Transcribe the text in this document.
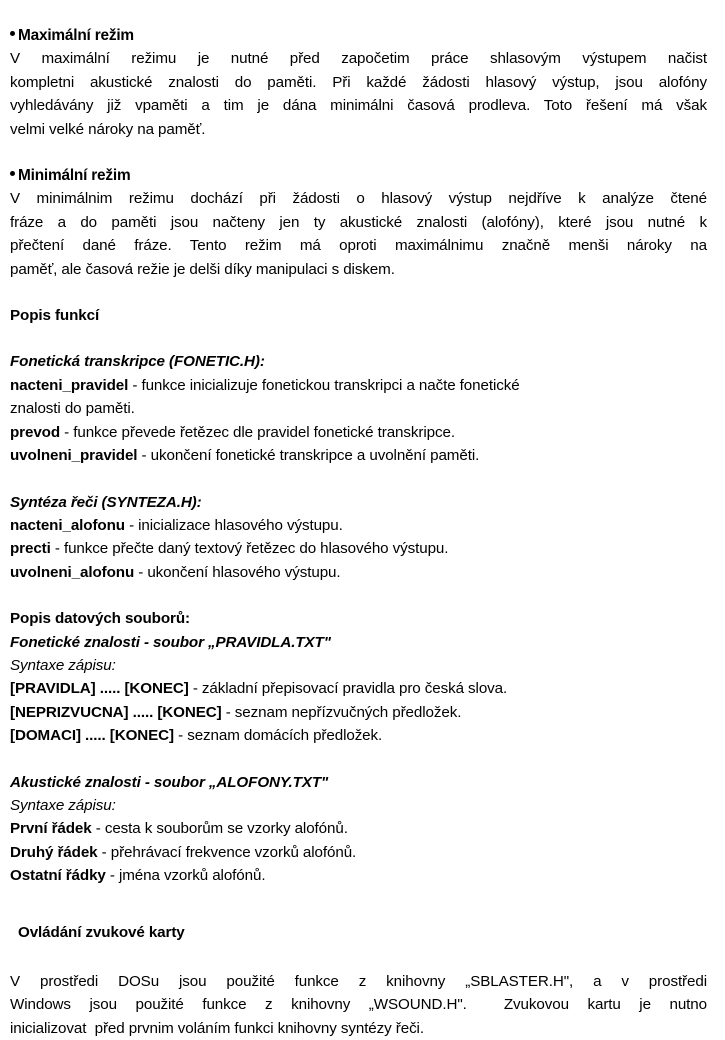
Maximální režim
V  maximální  režimu  je  nutné  před  započetim  práce  shlasovým  výstupem  načist
kompletni akustické znalosti do paměti. Při každé žádosti hlasový výstup, jsou alofóny
vyhledávány již vpaměti a tim je dána minimálni časová prodleva. Toto řešení má však
velmi velké nároky na paměť.
Minimální režim
V  minimálnim  režimu  dochází  při  žádosti  o  hlasový  výstup  nejdříve  k  analýze  čtené
fráze a do paměti jsou načteny jen ty akustické znalosti (alofóny), které jsou nutné k
přečtení  dané  fráze.  Tento  režim  má  oproti  maximálnimu  značně  menši  nároky  na
paměť, ale časová režie je delši díky manipulaci s diskem.
Popis funkcí
Fonetická transkripce (FONETIC.H):
nacteni_pravidel - funkce inicializuje fonetickou transkripci a načte fonetické
znalosti do paměti.
prevod - funkce převede řetězec dle pravidel fonetické transkripce.
uvolneni_pravidel - ukončení fonetické transkripce a uvolnění paměti.
Syntéza řeči (SYNTEZA.H):
nacteni_alofonu - inicializace hlasového výstupu.
precti - funkce přečte daný textový řetězec do hlasového výstupu.
uvolneni_alofonu - ukončení hlasového výstupu.
Popis datových souborů:
Fonetické znalosti - soubor „PRAVIDLA.TXT"
Syntaxe zápisu:
[PRAVIDLA] ..... [KONEC] - základní přepisovací pravidla pro česká slova.
[NEPRIZVUCNA] ..... [KONEC] - seznam nepřízvučných předložek.
[DOMACI] ..... [KONEC] - seznam domácích předložek.
Akustické znalosti - soubor „ALOFONY.TXT"
Syntaxe zápisu:
První řádek - cesta k souborům se vzorky alofónů.
Druhý řádek - přehrávací frekvence vzorků alofónů.
Ostatní řádky - jména vzorků alofónů.
Ovládání zvukové karty
V  prostředi  DOSu  jsou  použité  funkce  z  knihovny  „SBLASTER.H",  a  v  prostředi
Windows  jsou  použité  funkce  z  knihovny  „WSOUND.H".    Zvukovou  kartu  je  nutno
inicializovat  před prvnim voláním funkci knihovny syntézy řeči.
